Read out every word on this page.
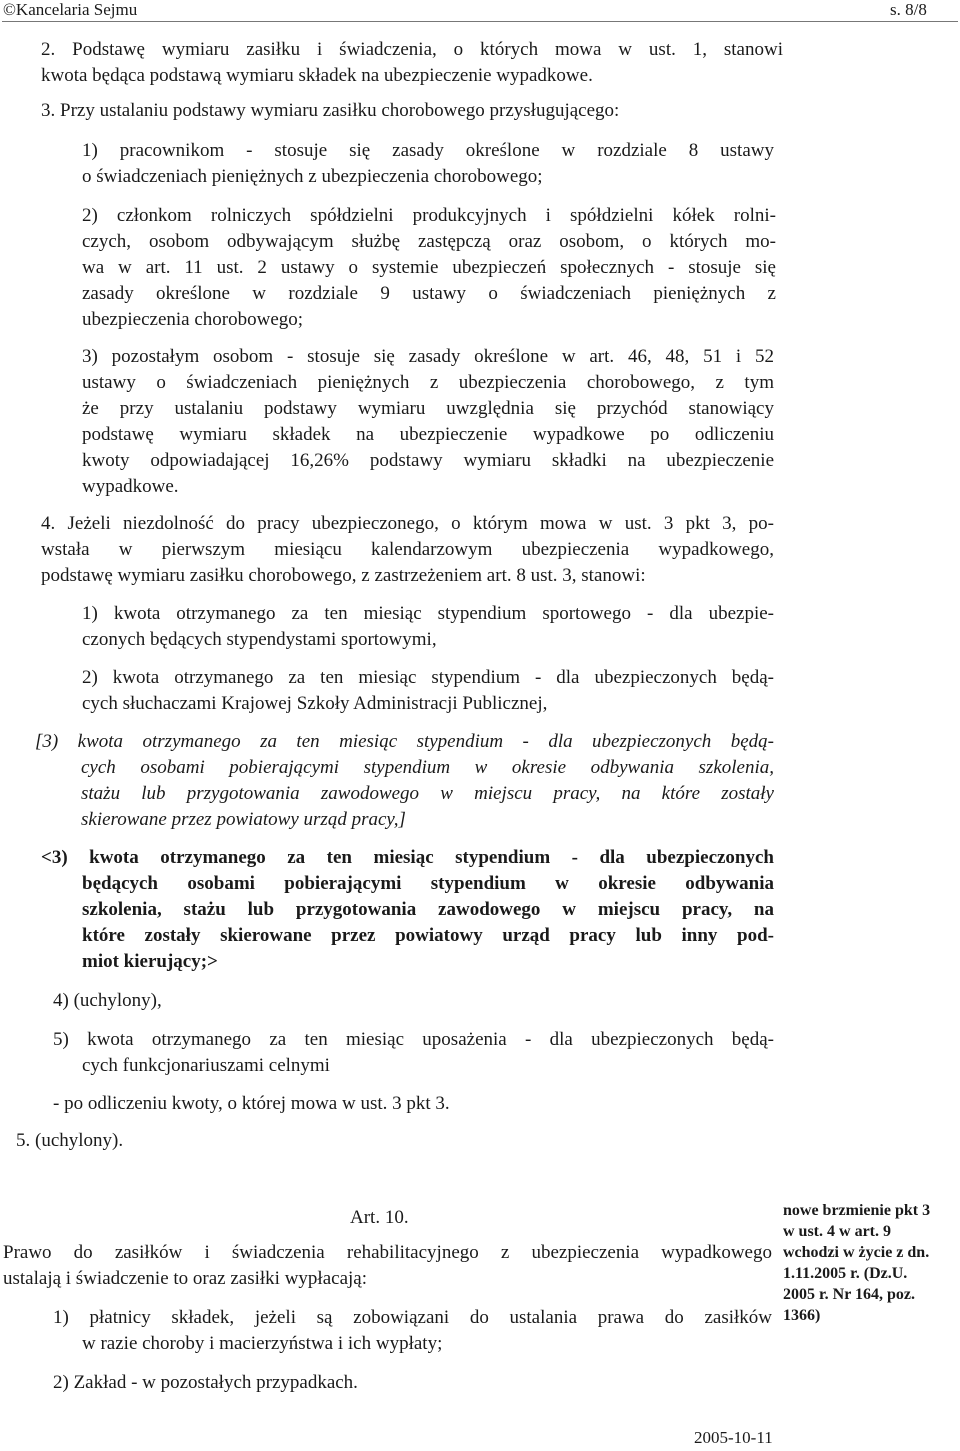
©Kancelaria Sejmu	s. 8/8
2. Podstawę wymiaru zasiłku i świadczenia, o których mowa w ust. 1, stanowi
kwota będąca podstawą wymiaru składek na ubezpieczenie wypadkowe.
3. Przy ustalaniu podstawy wymiaru zasiłku chorobowego przysługującego:
1) pracownikom - stosuje się zasady określone w rozdziale 8 ustawy
o świadczeniach pieniężnych z ubezpieczenia chorobowego;
2) członkom rolniczych spółdzielni produkcyjnych i spółdzielni kółek rolni-
czych, osobom odbywającym służbę zastępczą oraz osobom, o których mo-
wa w art. 11 ust. 2 ustawy o systemie ubezpieczeń społecznych - stosuje się
zasady określone w rozdziale 9 ustawy o świadczeniach pieniężnych z
ubezpieczenia chorobowego;
3) pozostałym osobom - stosuje się zasady określone w art. 46, 48, 51 i 52
ustawy o świadczeniach pieniężnych z ubezpieczenia chorobowego, z tym
że przy ustalaniu podstawy wymiaru uwzględnia się przychód stanowiący
podstawę wymiaru składek na ubezpieczenie wypadkowe po odliczeniu
kwoty odpowiadającej 16,26% podstawy wymiaru składki na ubezpieczenie
wypadkowe.
4. Jeżeli niezdolność do pracy ubezpieczonego, o którym mowa w ust. 3 pkt 3, po-
wstała w pierwszym miesiącu kalendarzowym ubezpieczenia wypadkowego,
podstawę wymiaru zasiłku chorobowego, z zastrzeżeniem art. 8 ust. 3, stanowi:
1) kwota otrzymanego za ten miesiąc stypendium sportowego - dla ubezpie-
czonych będących stypendystami sportowymi,
2) kwota otrzymanego za ten miesiąc stypendium - dla ubezpieczonych będą-
cych słuchaczami Krajowej Szkoły Administracji Publicznej,
[3) kwota otrzymanego za ten miesiąc stypendium - dla ubezpieczonych będą-
cych osobami pobierającymi stypendium w okresie odbywania szkolenia,
stażu lub przygotowania zawodowego w miejscu pracy, na które zostały
skierowane przez powiatowy urząd pracy,]
<3) kwota otrzymanego za ten miesiąc stypendium - dla ubezpieczonych
będących osobami pobierającymi stypendium w okresie odbywania
szkolenia, stażu lub przygotowania zawodowego w miejscu pracy, na
które zostały skierowane przez powiatowy urząd pracy lub inny pod-
miot kierujący;>
4) (uchylony),
5) kwota otrzymanego za ten miesiąc uposażenia - dla ubezpieczonych będą-
cych funkcjonariuszami celnymi
- po odliczeniu kwoty, o której mowa w ust. 3 pkt 3.
5. (uchylony).
Art. 10.
Prawo do zasiłków i świadczenia rehabilitacyjnego z ubezpieczenia wypadkowego
ustalają i świadczenie to oraz zasiłki wypłacają:
1) płatnicy składek, jeżeli są zobowiązani do ustalania prawa do zasiłków
w razie choroby i macierzyństwa i ich wypłaty;
2) Zakład - w pozostałych przypadkach.
nowe brzmienie pkt 3
w ust. 4 w art. 9
wchodzi w życie z dn.
1.11.2005 r. (Dz.U.
2005 r. Nr 164, poz.
1366)
2005-10-11
